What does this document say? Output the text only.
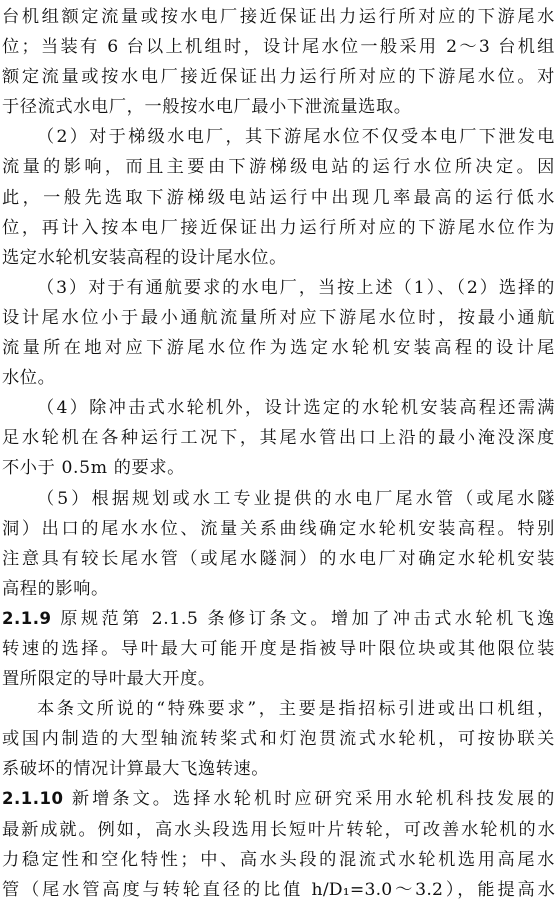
台机组额定流量或按水电厂接近保证出力运行所对应的下游尾水
位；当装有 6 台以上机组时，设计尾水位一般采用 2～3 台机组
额定流量或按水电厂接近保证出力运行所对应的下游尾水位。对
于径流式水电厂，一般按水电厂最小下泄流量选取。
（2）对于梯级水电厂，其下游尾水位不仅受本电厂下泄发电
流量的影响，而且主要由下游梯级电站的运行水位所决定。因
此，一般先选取下游梯级电站运行中出现几率最高的运行低水
位，再计入按本电厂接近保证出力运行所对应的下游尾水位作为
选定水轮机安装高程的设计尾水位。
（3）对于有通航要求的水电厂，当按上述（1）、（2）选择的
设计尾水位小于最小通航流量所对应下游尾水位时，按最小通航
流量所在地对应下游尾水位作为选定水轮机安装高程的设计尾
水位。
（4）除冲击式水轮机外，设计选定的水轮机安装高程还需满
足水轮机在各种运行工况下，其尾水管出口上沿的最小淹没深度
不小于 0.5m 的要求。
（5）根据规划或水工专业提供的水电厂尾水管（或尾水隧
洞）出口的尾水水位、流量关系曲线确定水轮机安装高程。特别
注意具有较长尾水管（或尾水隧洞）的水电厂对确定水轮机安装
高程的影响。
2.1.9 原规范第 2.1.5 条修订条文。增加了冲击式水轮机飞逸
转速的选择。导叶最大可能开度是指被导叶限位块或其他限位装
置所限定的导叶最大开度。
本条文所说的“特殊要求”，主要是指招标引进或出口机组，
或国内制造的大型轴流转桨式和灯泡贯流式水轮机，可按协联关
系破坏的情况计算最大飞逸转速。
2.1.10 新增条文。选择水轮机时应研究采用水轮机科技发展的
最新成就。例如，高水头段选用长短叶片转轮，可改善水轮机的水
力稳定性和空化特性；中、高水头段的混流式水轮机选用高尾水
管（尾水管高度与转轮直径的比值 h/D₁=3.0～3.2），能提高水
